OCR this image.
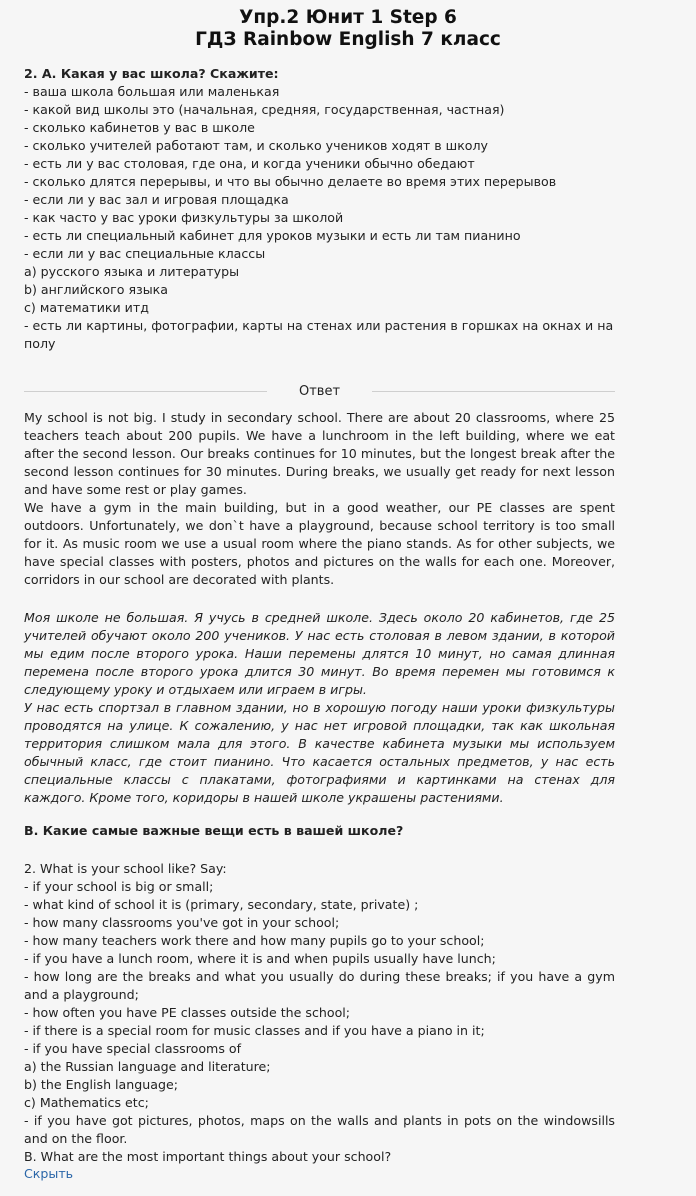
Упр.2 Юнит 1 Step 6
ГДЗ Rainbow English 7 класс

2. А. Какая у вас школа? Скажите:

- ваша школа большая или маленькая

- какой вид школы это (начальная, средняя, государственная, частная)

- сколько кабинетов у вас в школе

- сколько учителей работают там, и сколько учеников ходят в школу

- есть ли у вас столовая, где она, и когда ученики обычно обедают

- сколько длятся перерывы, и что вы обычно делаете во время этих перерывов

- если ли у вас зал и игровая площадка

- как часто у вас уроки физкультуры за школой

- есть ли специальный кабинет для уроков музыки и есть ли там пианино

- если ли у вас специальные классы

а) русского языка и литературы

b) английского языка

с) математики итд

- есть ли картины, фотографии, карты на стенах или растения в горшках на окнах и на полу

Ответ

My school is not big. I study in secondary school. There are about 20 classrooms, where 25 teachers teach about 200 pupils. We have a lunchroom in the left building, where we eat after the second lesson. Our breaks continues for 10 minutes, but the longest break after the second lesson continues for 30 minutes. During breaks, we usually get ready for next lesson and have some rest or play games.

We have a gym in the main building, but in a good weather, our PE classes are spent outdoors. Unfortunately, we don`t have a playground, because school territory is too small for it. As music room we use a usual room where the piano stands. As for other subjects, we have special classes with posters, photos and pictures on the walls for each one. Moreover, corridors in our school are decorated with plants.

Моя школе не большая. Я учусь в средней школе. Здесь около 20 кабинетов, где 25 учителей обучают около 200 учеников. У нас есть столовая в левом здании, в которой мы едим после второго урока. Наши перемены длятся 10 минут, но самая длинная перемена после второго урока длится 30 минут. Во время перемен мы готовимся к следующему уроку и отдыхаем или играем в игры.

У нас есть спортзал в главном здании, но в хорошую погоду наши уроки физкультуры проводятся на улице. К сожалению, у нас нет игровой площадки, так как школьная территория слишком мала для этого. В качестве кабинета музыки мы используем обычный класс, где стоит пианино. Что касается остальных предметов, у нас есть специальные классы с плакатами, фотографиями и картинками на стенах для каждого. Кроме того, коридоры в нашей школе украшены растениями.

В. Какие самые важные вещи есть в вашей школе?

2. What is your school like? Say:

- if your school is big or small;

- what kind of school it is (primary, secondary, state, private) ;

- how many classrooms you've got in your school;

- how many teachers work there and how many pupils go to your school;

- if you have a lunch room, where it is and when pupils usually have lunch;

- how long are the breaks and what you usually do during these breaks; if you have a gym and a playground;

- how often you have PE classes outside the school;

- if there is a special room for music classes and if you have a piano in it;

- if you have special classrooms of

a) the Russian language and literature;

b) the English language;

c) Mathematics etc;

- if you have got pictures, photos, maps on the walls and plants in pots on the windowsills and on the floor.

B. What are the most important things about your school?

Скрыть
